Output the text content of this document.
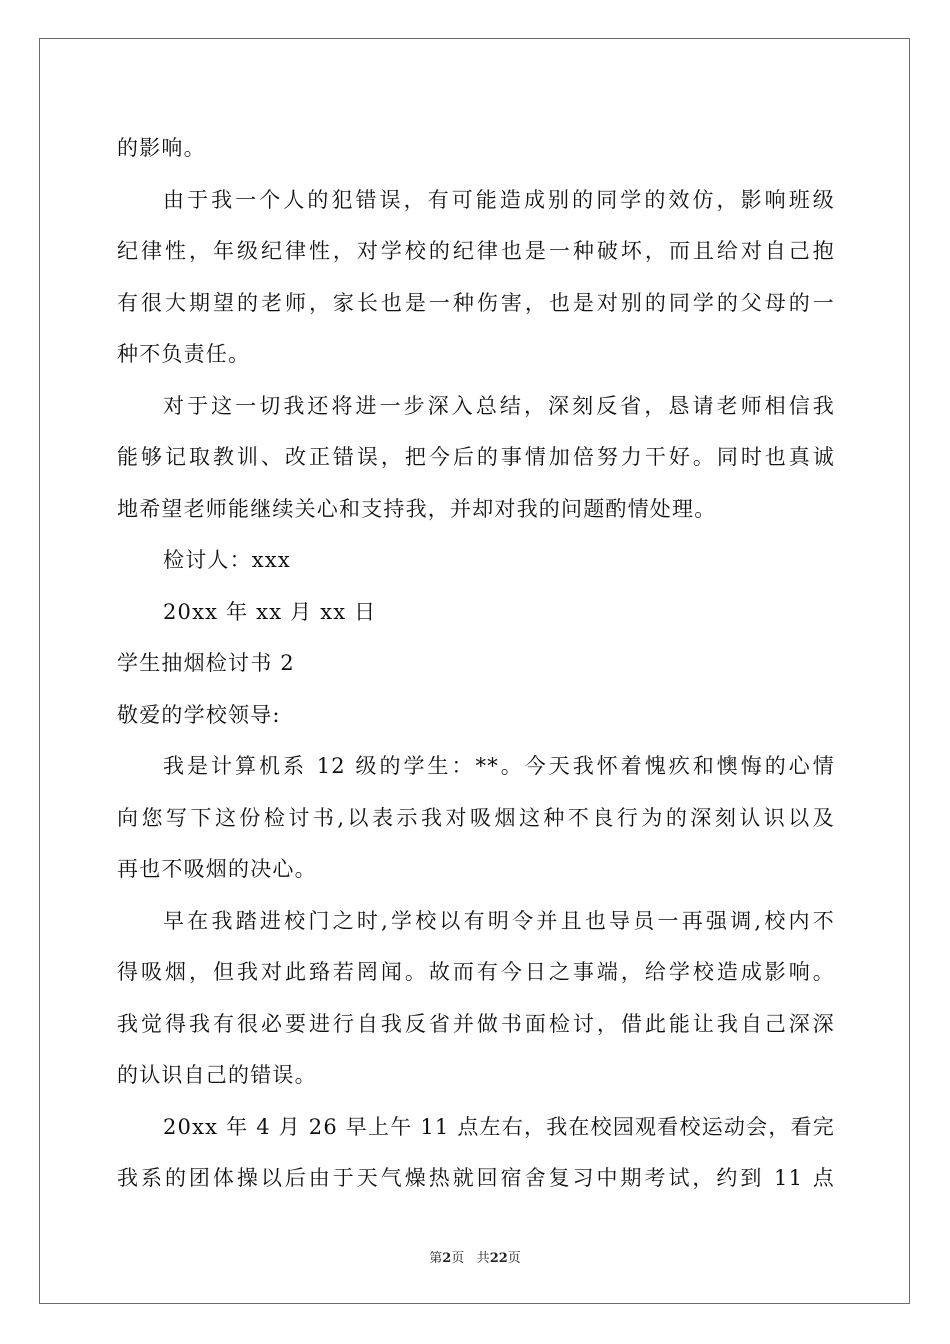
的影响。
由于我一个人的犯错误，有可能造成别的同学的效仿，影响班级
纪律性，年级纪律性，对学校的纪律也是一种破坏，而且给对自己抱
有很大期望的老师，家长也是一种伤害，也是对别的同学的父母的一
种不负责任。
对于这一切我还将进一步深入总结，深刻反省，恳请老师相信我
能够记取教训、改正错误，把今后的事情加倍努力干好。同时也真诚
地希望老师能继续关心和支持我，并却对我的问题酌情处理。
检讨人：xxx
20xx 年 xx 月 xx 日
学生抽烟检讨书 2
敬爱的学校领导:
我是计算机系 12 级的学生：**。今天我怀着愧疚和懊悔的心情
向您写下这份检讨书,以表示我对吸烟这种不良行为的深刻认识以及
再也不吸烟的决心。
早在我踏进校门之时,学校以有明令并且也导员一再强调,校内不
得吸烟，但我对此臵若罔闻。故而有今日之事端，给学校造成影响。
我觉得我有很必要进行自我反省并做书面检讨，借此能让我自己深深
的认识自己的错误。
20xx 年 4 月 26 早上午 11 点左右，我在校园观看校运动会，看完
我系的团体操以后由于天气燥热就回宿舍复习中期考试，约到 11 点
第2页 共22页
